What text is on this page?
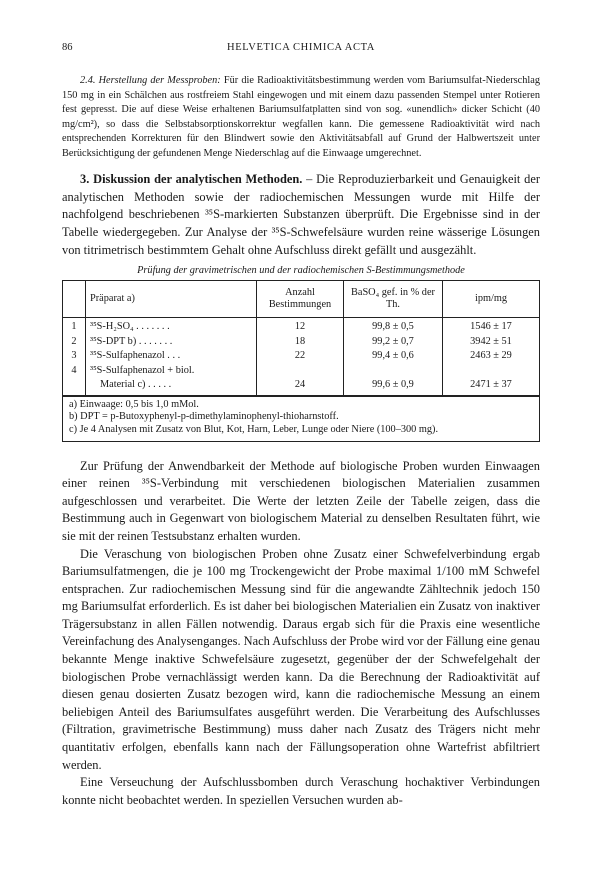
86	HELVETICA CHIMICA ACTA

2.4. Herstellung der Messproben: Für die Radioaktivitätsbestimmung werden vom Bariumsulfat-Niederschlag 150 mg in ein Schälchen aus rostfreiem Stahl eingewogen und mit einem dazu passenden Stempel unter Rotieren fest gepresst. Die auf diese Weise erhaltenen Bariumsulfatplatten sind von sog. «unendlich» dicker Schicht (40 mg/cm²), so dass die Selbstabsorptionskorrektur wegfallen kann. Die gemessene Radioaktivität wird nach entsprechenden Korrekturen für den Blindwert sowie den Aktivitätsabfall auf Grund der Halbwertszeit unter Berücksichtigung der gefundenen Menge Niederschlag auf die Einwaage umgerechnet.

3. Diskussion der analytischen Methoden. – Die Reproduzierbarkeit und Genauigkeit der analytischen Methoden sowie der radiochemischen Messungen wurde mit Hilfe der nachfolgend beschriebenen ³⁵S-markierten Substanzen überprüft. Die Ergebnisse sind in der Tabelle wiedergegeben. Zur Analyse der ³⁵S-Schwefelsäure wurden reine wässerige Lösungen von titrimetrisch bestimmtem Gehalt ohne Aufschluss direkt gefällt und ausgezählt.

Prüfung der gravimetrischen und der radiochemischen S-Bestimmungsmethode
	Präparat a)	Anzahl Bestimmungen	BaSO₄ gef. in % der Th.	ipm/mg
1	³⁵S-H₂SO₄ . . . . . . .	12	99,8 ± 0,5	1546 ± 17
2	³⁵S-DPT b) . . . . . . .	18	99,2 ± 0,7	3942 ± 51
3	³⁵S-Sulfaphenazol . . .	22	99,4 ± 0,6	2463 ± 29
4	³⁵S-Sulfaphenazol + biol.			
	Material c) . . . . .	24	99,6 ± 0,9	2471 ± 37
a) Einwaage: 0,5 bis 1,0 mMol.
b) DPT = p-Butoxyphenyl-p-dimethylaminophenyl-thioharnstoff.
c) Je 4 Analysen mit Zusatz von Blut, Kot, Harn, Leber, Lunge oder Niere (100–300 mg).

Zur Prüfung der Anwendbarkeit der Methode auf biologische Proben wurden Einwaagen einer reinen ³⁵S-Verbindung mit verschiedenen biologischen Materialien zusammen aufgeschlossen und verarbeitet. Die Werte der letzten Zeile der Tabelle zeigen, dass die Bestimmung auch in Gegenwart von biologischem Material zu denselben Resultaten führt, wie sie mit der reinen Testsubstanz erhalten wurden.

Die Veraschung von biologischen Proben ohne Zusatz einer Schwefelverbindung ergab Bariumsulfatmengen, die je 100 mg Trockengewicht der Probe maximal 1/100 mM Schwefel entsprachen. Zur radiochemischen Messung sind für die angewandte Zähltechnik jedoch 150 mg Bariumsulfat erforderlich. Es ist daher bei biologischen Materialien ein Zusatz von inaktiver Trägersubstanz in allen Fällen notwendig. Daraus ergab sich für die Praxis eine wesentliche Vereinfachung des Analysenganges. Nach Aufschluss der Probe wird vor der Fällung eine genau bekannte Menge inaktive Schwefelsäure zugesetzt, gegenüber der der Schwefelgehalt der biologischen Probe vernachlässigt werden kann. Da die Berechnung der Radioaktivität auf diesen genau dosierten Zusatz bezogen wird, kann die radiochemische Messung an einem beliebigen Anteil des Bariumsulfates ausgeführt werden. Die Verarbeitung des Aufschlusses (Filtration, gravimetrische Bestimmung) muss daher nach Zusatz des Trägers nicht mehr quantitativ erfolgen, ebenfalls kann nach der Fällungsoperation ohne Wartefrist abfiltriert werden.

Eine Verseuchung der Aufschlussbomben durch Veraschung hochaktiver Verbindungen konnte nicht beobachtet werden. In speziellen Versuchen wurden ab-
